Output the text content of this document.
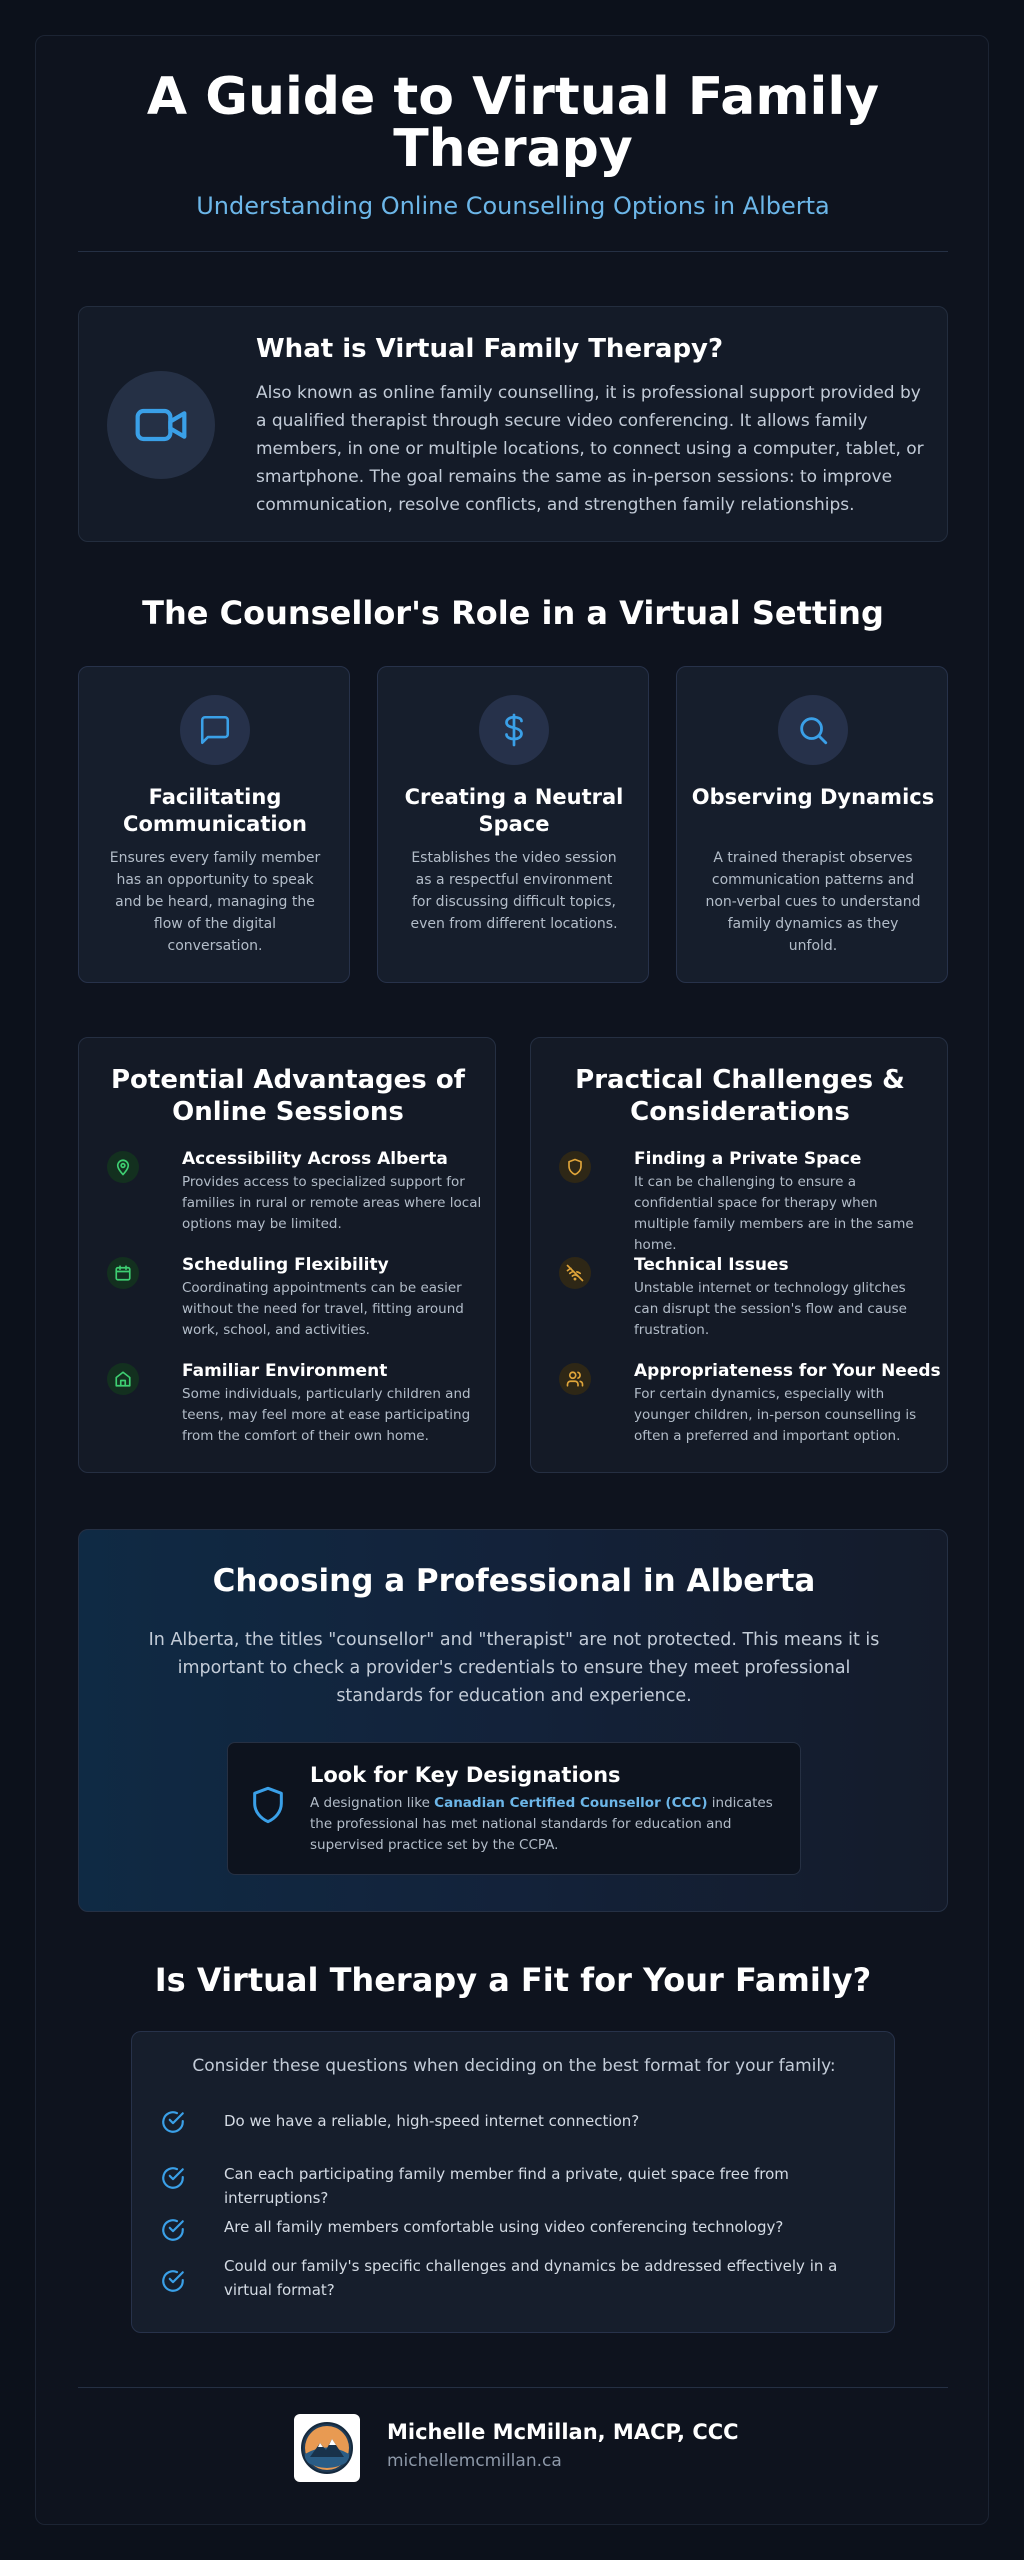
A Guide to Virtual Family
Therapy
Understanding Online Counselling Options in Alberta
What is Virtual Family Therapy?
Also known as online family counselling, it is professional support provided by a qualified therapist through secure video conferencing. It allows family members, in one or multiple locations, to connect using a computer, tablet, or smartphone. The goal remains the same as in-person sessions: to improve communication, resolve conflicts, and strengthen family relationships.
The Counsellor's Role in a Virtual Setting
Facilitating Communication
Ensures every family member has an opportunity to speak and be heard, managing the flow of the digital conversation.
Creating a Neutral Space
Establishes the video session as a respectful environment for discussing difficult topics, even from different locations.
Observing Dynamics
A trained therapist observes communication patterns and non-verbal cues to understand family dynamics as they unfold.
Potential Advantages of Online Sessions
Accessibility Across Alberta
Provides access to specialized support for families in rural or remote areas where local options may be limited.
Scheduling Flexibility
Coordinating appointments can be easier without the need for travel, fitting around work, school, and activities.
Familiar Environment
Some individuals, particularly children and teens, may feel more at ease participating from the comfort of their own home.
Practical Challenges & Considerations
Finding a Private Space
It can be challenging to ensure a confidential space for therapy when multiple family members are in the same home.
Technical Issues
Unstable internet or technology glitches can disrupt the session's flow and cause frustration.
Appropriateness for Your Needs
For certain dynamics, especially with younger children, in-person counselling is often a preferred and important option.
Choosing a Professional in Alberta
In Alberta, the titles "counsellor" and "therapist" are not protected. This means it is important to check a provider's credentials to ensure they meet professional standards for education and experience.
Look for Key Designations
A designation like Canadian Certified Counsellor (CCC) indicates the professional has met national standards for education and supervised practice set by the CCPA.
Is Virtual Therapy a Fit for Your Family?
Consider these questions when deciding on the best format for your family:
Do we have a reliable, high-speed internet connection?
Can each participating family member find a private, quiet space free from interruptions?
Are all family members comfortable using video conferencing technology?
Could our family's specific challenges and dynamics be addressed effectively in a virtual format?
Michelle McMillan, MACP, CCC
michellemcmillan.ca
